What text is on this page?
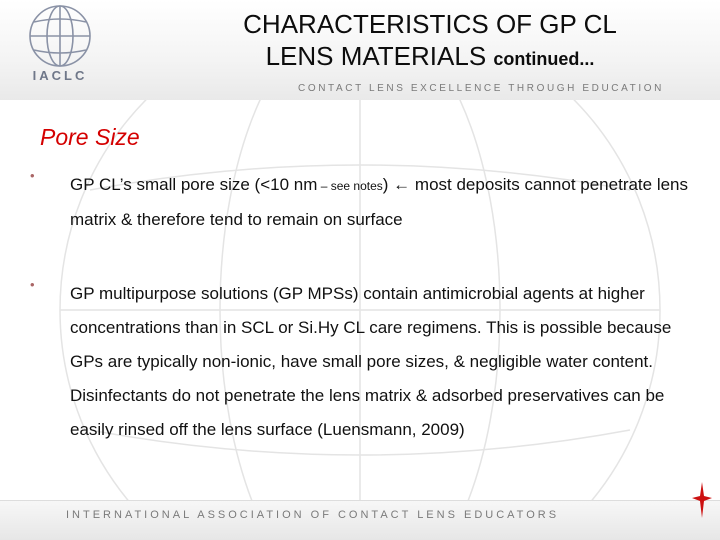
IACLC
CHARACTERISTICS OF GP CL
LENS MATERIALS continued...
CONTACT LENS EXCELLENCE THROUGH EDUCATION
Pore Size
• GP CL’s small pore size (<10 nm – see notes) ← most deposits cannot penetrate lens matrix & therefore tend to remain on surface
• GP multipurpose solutions (GP MPSs) contain antimicrobial agents at higher concentrations than in SCL or Si.Hy CL care regimens. This is possible because GPs are typically non-ionic, have small pore sizes, & negligible water content. Disinfectants do not penetrate the lens matrix & adsorbed preservatives can be easily rinsed off the lens surface (Luensmann, 2009)
INTERNATIONAL ASSOCIATION OF CONTACT LENS EDUCATORS
